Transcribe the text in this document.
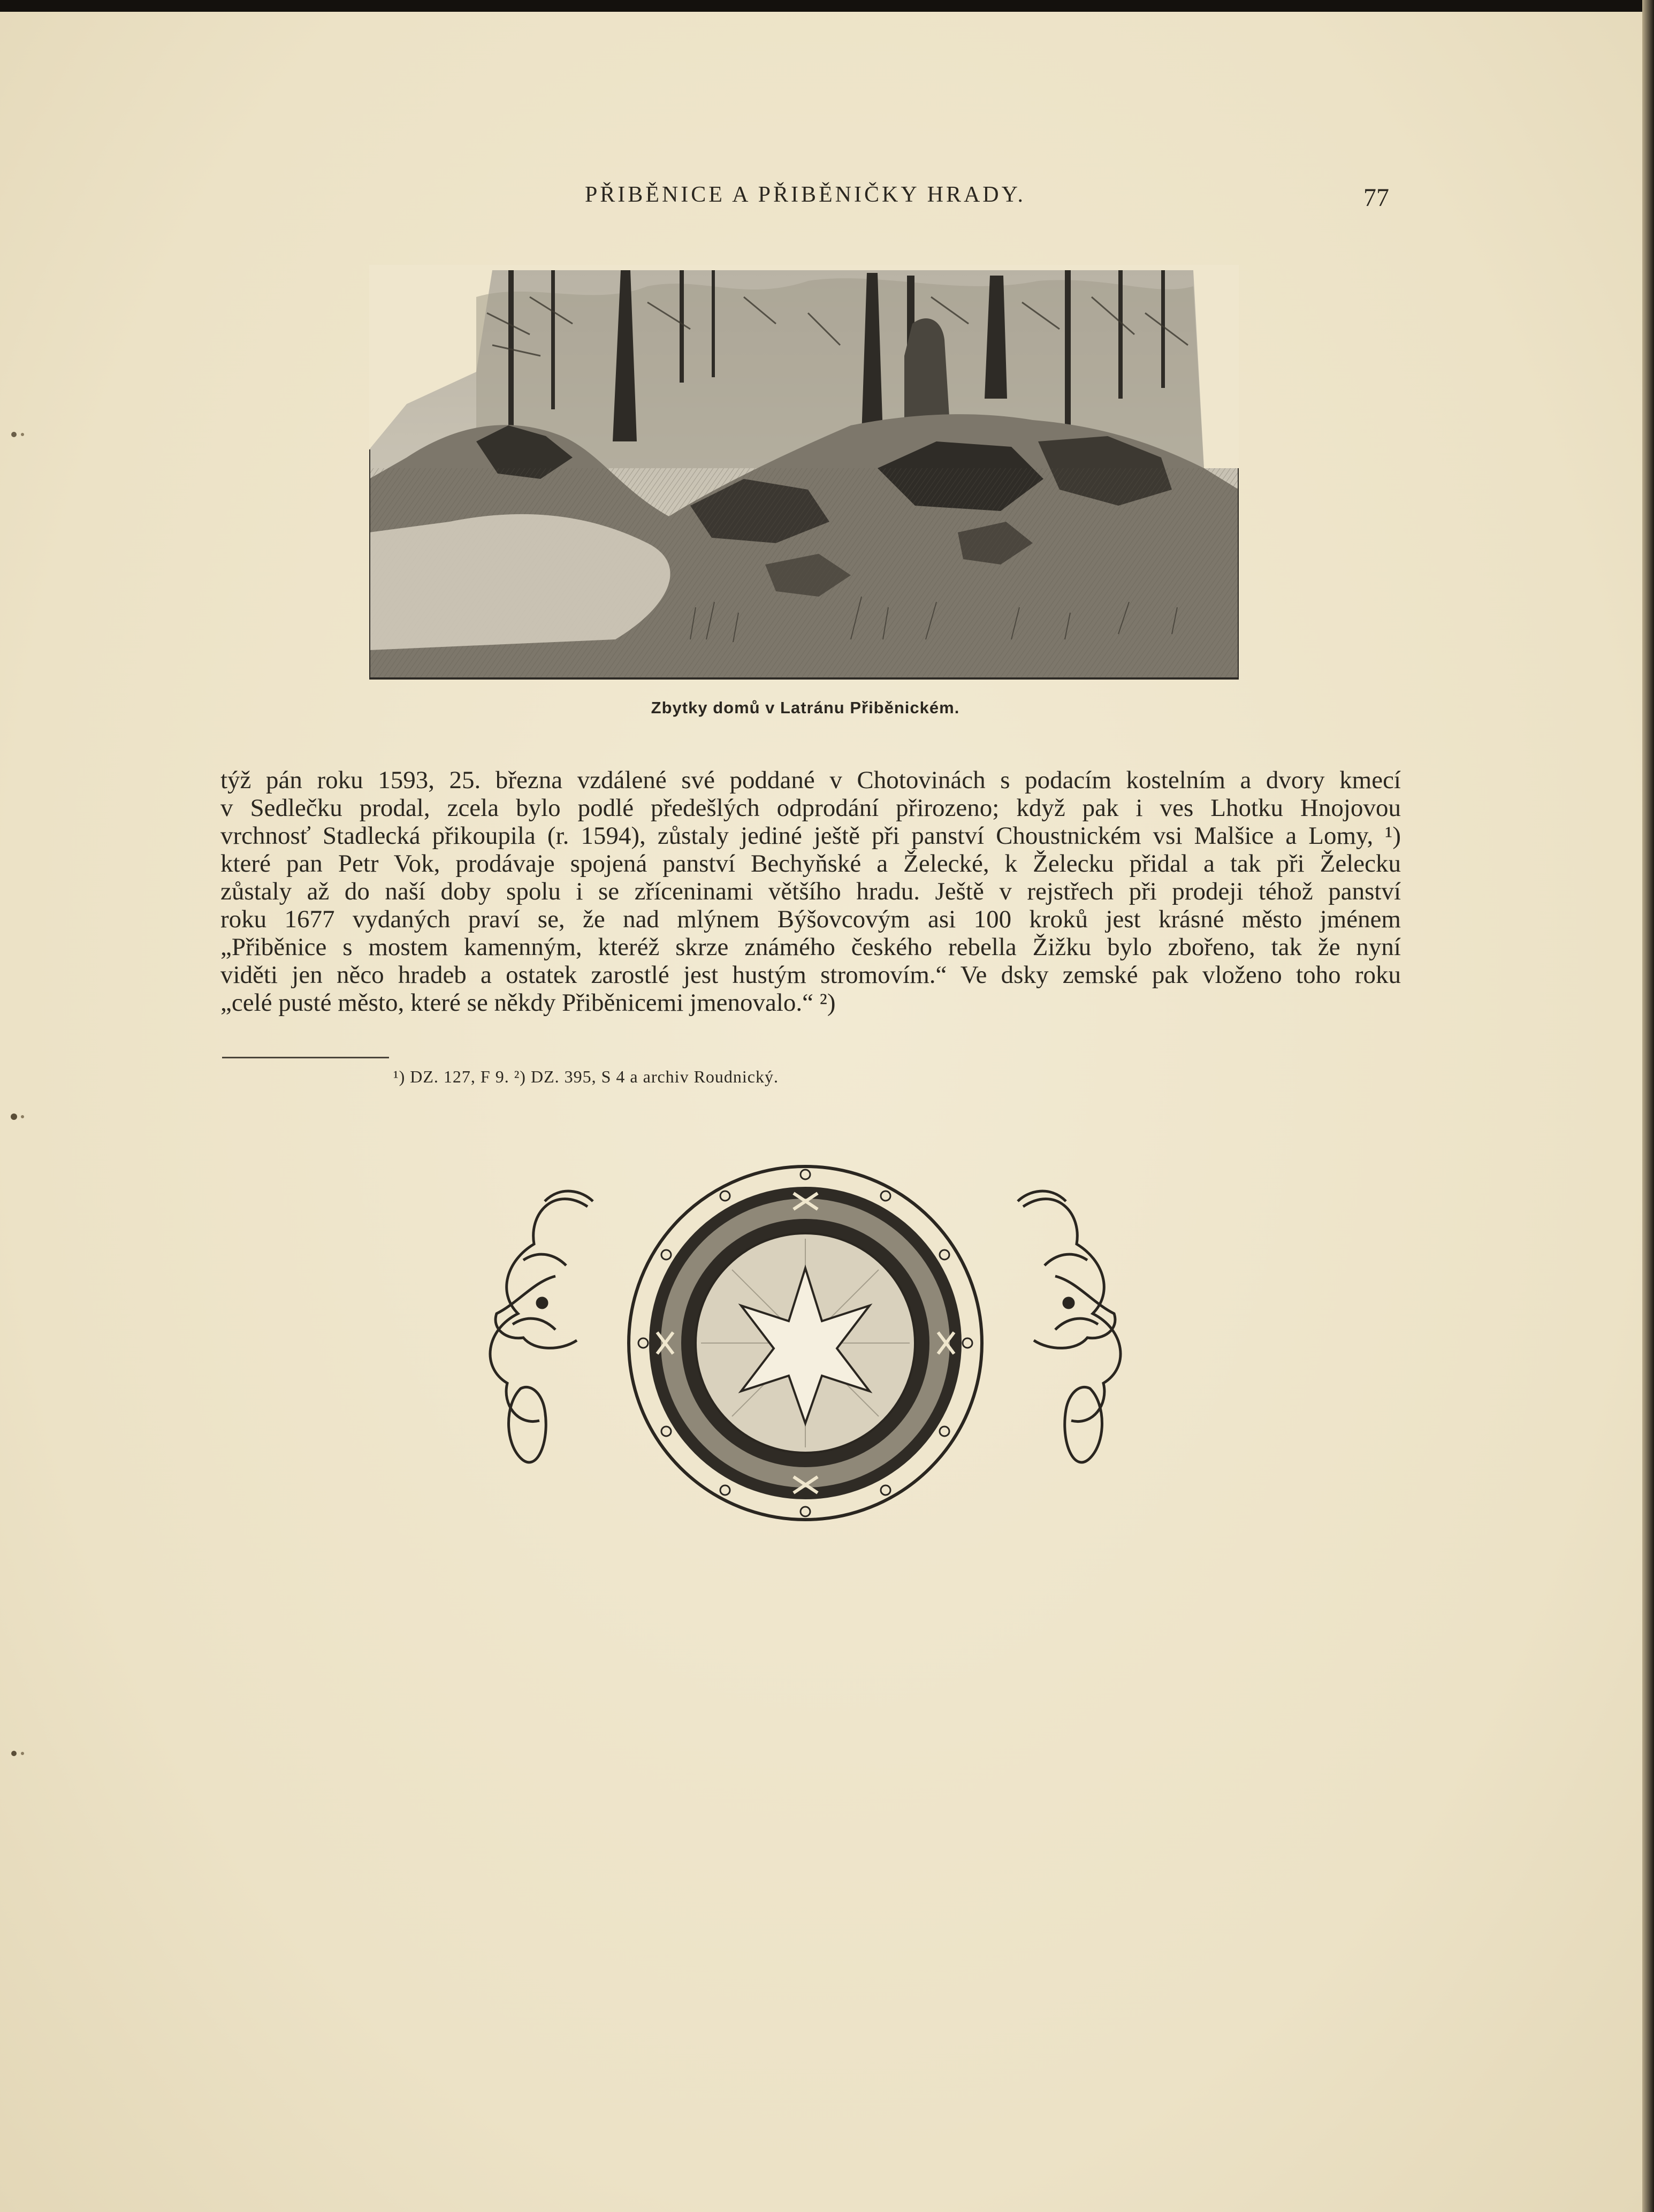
PŘIBĚNICE A PŘIBĚNIČKY HRADY.	77
Zbytky domů v Latránu Přiběnickém.
týž pán roku 1593, 25. března vzdálené své poddané v Chotovinách s podacím kostelním a dvory kmecí
v Sedlečku prodal, zcela bylo podlé předešlých odprodání přirozeno; když pak i ves Lhotku Hnojovou
vrchnosť Stadlecká přikoupila (r. 1594), zůstaly jediné ještě při panství Choustnickém vsi Malšice a Lomy, ¹)
které pan Petr Vok, prodávaje spojená panství Bechyňské a Želecké, k Želecku přidal a tak při Želecku
zůstaly až do naší doby spolu i se zříceninami většího hradu. Ještě v rejstřech při prodeji téhož panství
roku 1677 vydaných praví se, že nad mlýnem Býšovcovým asi 100 kroků jest krásné město jménem
„Přiběnice s mostem kamenným, kteréž skrze známého českého rebella Žižku bylo zbořeno, tak že nyní
viděti jen něco hradeb a ostatek zarostlé jest hustým stromovím.“ Ve dsky zemské pak vloženo toho roku
„celé pusté město, které se někdy Přiběnicemi jmenovalo.“ ²)
¹) DZ. 127, F 9. ²) DZ. 395, S 4 a archiv Roudnický.
